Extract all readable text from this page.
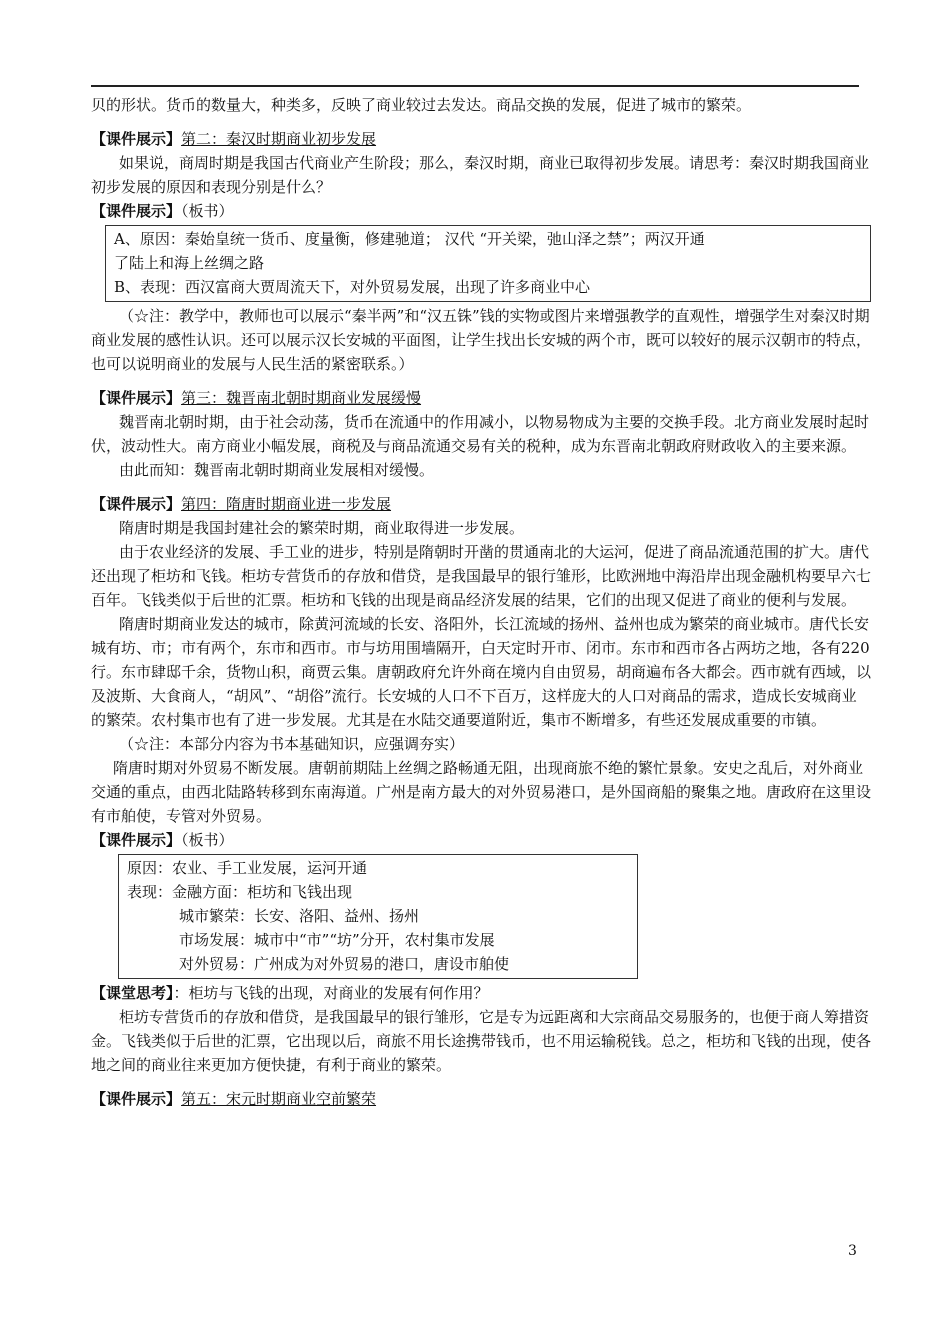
贝的形状。货币的数量大，种类多，反映了商业较过去发达。商品交换的发展，促进了城市的繁荣。

【课件展示】第二：秦汉时期商业初步发展

如果说，商周时期是我国古代商业产生阶段；那么，秦汉时期，商业已取得初步发展。请思考：秦汉时期我国商业初步发展的原因和表现分别是什么？

【课件展示】（板书）

A、原因：秦始皇统一货币、度量衡，修建驰道； 汉代 “开关梁，弛山泽之禁”；两汉开通

了陆上和海上丝绸之路

B、表现：西汉富商大贾周流天下，对外贸易发展，出现了许多商业中心

（☆注：教学中，教师也可以展示“秦半两”和“汉五铢”钱的实物或图片来增强教学的直观性，增强学生对秦汉时期商业发展的感性认识。还可以展示汉长安城的平面图，让学生找出长安城的两个市，既可以较好的展示汉朝市的特点，也可以说明商业的发展与人民生活的紧密联系。）

【课件展示】第三：魏晋南北朝时期商业发展缓慢

魏晋南北朝时期，由于社会动荡，货币在流通中的作用减小，以物易物成为主要的交换手段。北方商业发展时起时伏，波动性大。南方商业小幅发展，商税及与商品流通交易有关的税种，成为东晋南北朝政府财政收入的主要来源。

由此而知：魏晋南北朝时期商业发展相对缓慢。

【课件展示】第四：隋唐时期商业进一步发展

隋唐时期是我国封建社会的繁荣时期，商业取得进一步发展。

由于农业经济的发展、手工业的进步，特别是隋朝时开凿的贯通南北的大运河，促进了商品流通范围的扩大。唐代还出现了柜坊和飞钱。柜坊专营货币的存放和借贷，是我国最早的银行雏形，比欧洲地中海沿岸出现金融机构要早六七百年。飞钱类似于后世的汇票。柜坊和飞钱的出现是商品经济发展的结果，它们的出现又促进了商业的便利与发展。

隋唐时期商业发达的城市，除黄河流域的长安、洛阳外，长江流域的扬州、益州也成为繁荣的商业城市。唐代长安城有坊、市；市有两个，东市和西市。市与坊用围墙隔开，白天定时开市、闭市。东市和西市各占两坊之地，各有220行。东市肆邸千余，货物山积，商贾云集。唐朝政府允许外商在境内自由贸易，胡商遍布各大都会。西市就有西域，以及波斯、大食商人，“胡风”、“胡俗”流行。长安城的人口不下百万，这样庞大的人口对商品的需求，造成长安城商业的繁荣。农村集市也有了进一步发展。尤其是在水陆交通要道附近，集市不断增多，有些还发展成重要的市镇。

（☆注：本部分内容为书本基础知识，应强调夯实）

隋唐时期对外贸易不断发展。唐朝前期陆上丝绸之路畅通无阻，出现商旅不绝的繁忙景象。安史之乱后，对外商业交通的重点，由西北陆路转移到东南海道。广州是南方最大的对外贸易港口，是外国商船的聚集之地。唐政府在这里设有市舶使，专管对外贸易。

【课件展示】（板书）

原因：农业、手工业发展，运河开通

表现：金融方面：柜坊和飞钱出现

城市繁荣：长安、洛阳、益州、扬州

市场发展：城市中“市”“坊”分开，农村集市发展

对外贸易：广州成为对外贸易的港口，唐设市舶使

【课堂思考】：柜坊与飞钱的出现，对商业的发展有何作用？

柜坊专营货币的存放和借贷，是我国最早的银行雏形，它是专为远距离和大宗商品交易服务的，也便于商人筹措资金。飞钱类似于后世的汇票，它出现以后，商旅不用长途携带钱币，也不用运输税钱。总之，柜坊和飞钱的出现，使各地之间的商业往来更加方便快捷，有利于商业的繁荣。

【课件展示】第五：宋元时期商业空前繁荣

3
